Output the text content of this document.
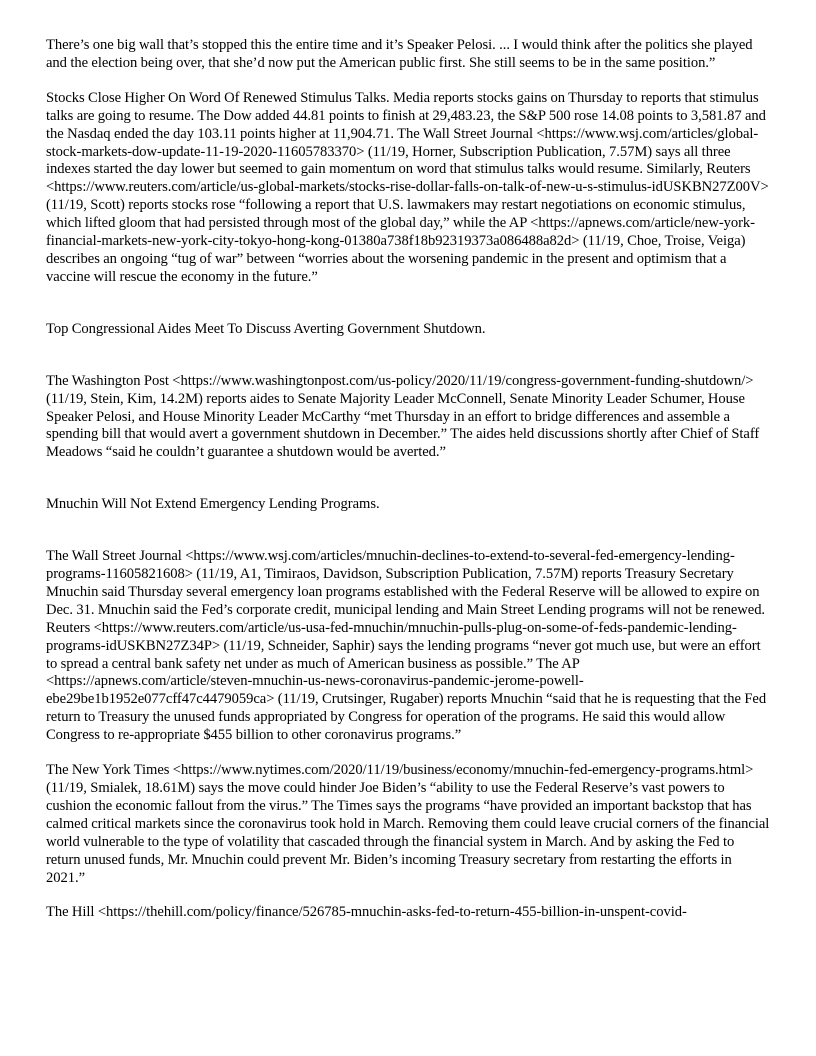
There’s one big wall that’s stopped this the entire time and it’s Speaker Pelosi. ... I would think after the politics she played and the election being over, that she’d now put the American public first. She still seems to be in the same position.”

Stocks Close Higher On Word Of Renewed Stimulus Talks. Media reports stocks gains on Thursday to reports that stimulus talks are going to resume. The Dow added 44.81 points to finish at 29,483.23, the S&P 500 rose 14.08 points to 3,581.87 and the Nasdaq ended the day 103.11 points higher at 11,904.71. The Wall Street Journal <https://www.wsj.com/articles/global-stock-markets-dow-update-11-19-2020-11605783370> (11/19, Horner, Subscription Publication, 7.57M) says all three indexes started the day lower but seemed to gain momentum on word that stimulus talks would resume. Similarly, Reuters <https://www.reuters.com/article/us-global-markets/stocks-rise-dollar-falls-on-talk-of-new-u-s-stimulus-idUSKBN27Z00V> (11/19, Scott) reports stocks rose “following a report that U.S. lawmakers may restart negotiations on economic stimulus, which lifted gloom that had persisted through most of the global day,” while the AP <https://apnews.com/article/new-york-financial-markets-new-york-city-tokyo-hong-kong-01380a738f18b92319373a086488a82d> (11/19, Choe, Troise, Veiga) describes an ongoing “tug of war” between “worries about the worsening pandemic in the present and optimism that a vaccine will rescue the economy in the future.”

Top Congressional Aides Meet To Discuss Averting Government Shutdown.

The Washington Post <https://www.washingtonpost.com/us-policy/2020/11/19/congress-government-funding-shutdown/> (11/19, Stein, Kim, 14.2M) reports aides to Senate Majority Leader McConnell, Senate Minority Leader Schumer, House Speaker Pelosi, and House Minority Leader McCarthy “met Thursday in an effort to bridge differences and assemble a spending bill that would avert a government shutdown in December.” The aides held discussions shortly after Chief of Staff Meadows “said he couldn’t guarantee a shutdown would be averted.”

Mnuchin Will Not Extend Emergency Lending Programs.

The Wall Street Journal <https://www.wsj.com/articles/mnuchin-declines-to-extend-to-several-fed-emergency-lending-programs-11605821608> (11/19, A1, Timiraos, Davidson, Subscription Publication, 7.57M) reports Treasury Secretary Mnuchin said Thursday several emergency loan programs established with the Federal Reserve will be allowed to expire on Dec. 31. Mnuchin said the Fed’s corporate credit, municipal lending and Main Street Lending programs will not be renewed. Reuters <https://www.reuters.com/article/us-usa-fed-mnuchin/mnuchin-pulls-plug-on-some-of-feds-pandemic-lending-programs-idUSKBN27Z34P> (11/19, Schneider, Saphir) says the lending programs “never got much use, but were an effort to spread a central bank safety net under as much of American business as possible.” The AP <https://apnews.com/article/steven-mnuchin-us-news-coronavirus-pandemic-jerome-powell-ebe29be1b1952e077cff47c4479059ca> (11/19, Crutsinger, Rugaber) reports Mnuchin “said that he is requesting that the Fed return to Treasury the unused funds appropriated by Congress for operation of the programs. He said this would allow Congress to re-appropriate $455 billion to other coronavirus programs.”

The New York Times <https://www.nytimes.com/2020/11/19/business/economy/mnuchin-fed-emergency-programs.html> (11/19, Smialek, 18.61M) says the move could hinder Joe Biden’s “ability to use the Federal Reserve’s vast powers to cushion the economic fallout from the virus.” The Times says the programs “have provided an important backstop that has calmed critical markets since the coronavirus took hold in March. Removing them could leave crucial corners of the financial world vulnerable to the type of volatility that cascaded through the financial system in March. And by asking the Fed to return unused funds, Mr. Mnuchin could prevent Mr. Biden’s incoming Treasury secretary from restarting the efforts in 2021.”

The Hill <https://thehill.com/policy/finance/526785-mnuchin-asks-fed-to-return-455-billion-in-unspent-covid-
